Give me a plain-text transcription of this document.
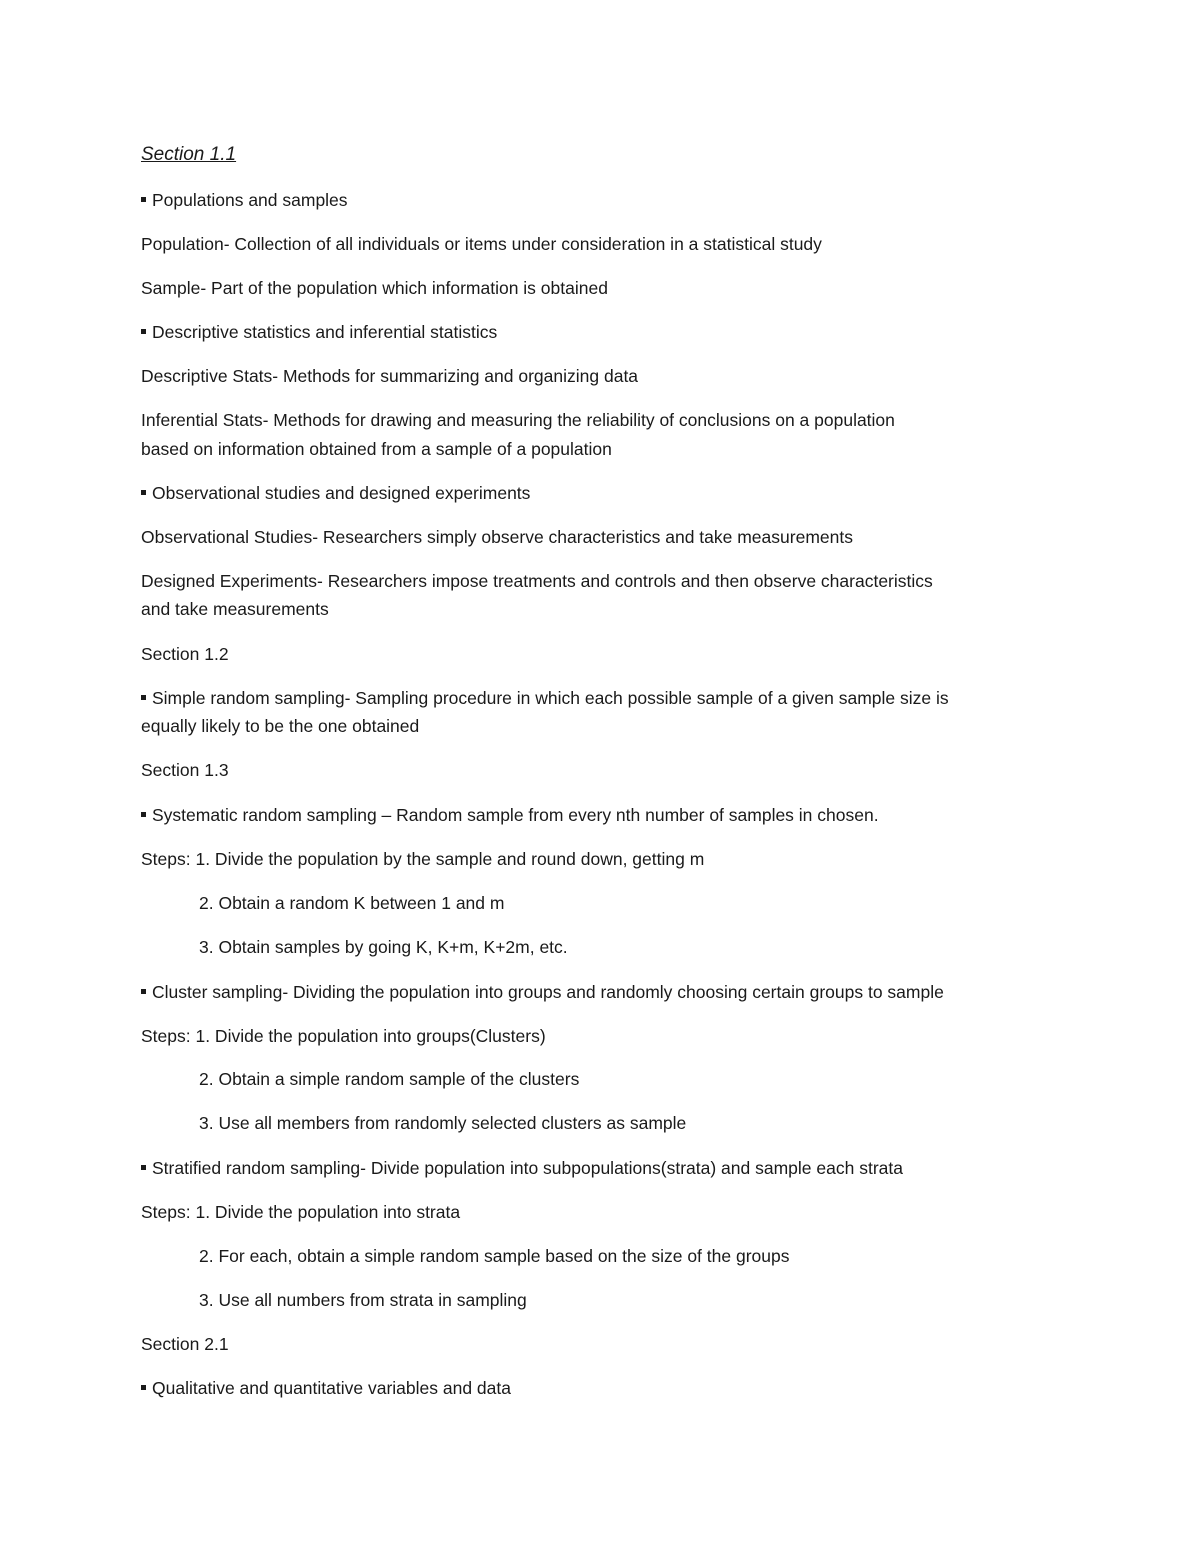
Section 1.1
Populations and samples
Population- Collection of all individuals or items under consideration in a statistical study
Sample- Part of the population which information is obtained
Descriptive statistics and inferential statistics
Descriptive Stats- Methods for summarizing and organizing data
Inferential Stats- Methods for drawing and measuring the reliability of conclusions on a population
based on information obtained from a sample of a population
Observational studies and designed experiments
Observational Studies- Researchers simply observe characteristics and take measurements
Designed Experiments- Researchers impose treatments and controls and then observe characteristics
and take measurements
Section 1.2
Simple random sampling- Sampling procedure in which each possible sample of a given sample size is
equally likely to be the one obtained
Section 1.3
Systematic random sampling – Random sample from every nth number of samples in chosen.
Steps: 1. Divide the population by the sample and round down, getting m
2. Obtain a random K between 1 and m
3. Obtain samples by going K, K+m, K+2m, etc.
Cluster sampling- Dividing the population into groups and randomly choosing certain groups to sample
Steps: 1. Divide the population into groups(Clusters)
2. Obtain a simple random sample of the clusters
3. Use all members from randomly selected clusters as sample
Stratified random sampling- Divide population into subpopulations(strata) and sample each strata
Steps: 1. Divide the population into strata
2. For each, obtain a simple random sample based on the size of the groups
3. Use all numbers from strata in sampling
Section 2.1
Qualitative and quantitative variables and data
